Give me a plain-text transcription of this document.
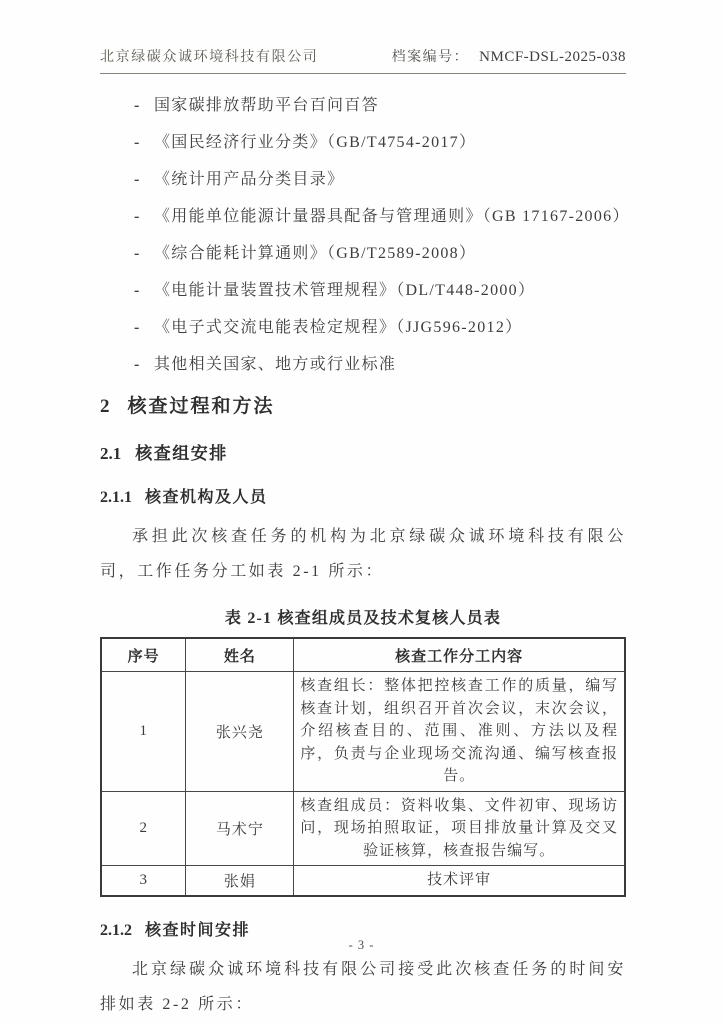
北京绿碳众诚环境科技有限公司	档案编号： NMCF-DSL-2025-038
- 国家碳排放帮助平台百问百答
- 《国民经济行业分类》（GB/T4754-2017）
- 《统计用产品分类目录》
- 《用能单位能源计量器具配备与管理通则》（GB 17167-2006）
- 《综合能耗计算通则》（GB/T2589-2008）
- 《电能计量装置技术管理规程》（DL/T448-2000）
- 《电子式交流电能表检定规程》（JJG596-2012）
- 其他相关国家、地方或行业标准
2 核查过程和方法
2.1 核查组安排
2.1.1 核查机构及人员

承担此次核查任务的机构为北京绿碳众诚环境科技有限公司，工作任务分工如表 2-1 所示：

表 2-1 核查组成员及技术复核人员表
序号	姓名	核查工作分工内容
1	张兴尧	核查组长：整体把控核查工作的质量，编写核查计划，组织召开首次会议，末次会议，介绍核查目的、范围、准则、方法以及程序，负责与企业现场交流沟通、编写核查报告。
2	马术宁	核查组成员：资料收集、文件初审、现场访问，现场拍照取证，项目排放量计算及交叉验证核算，核查报告编写。
3	张娟	技术评审
2.1.2 核查时间安排

北京绿碳众诚环境科技有限公司接受此次核查任务的时间安排如表 2-2 所示：

- 3 -
